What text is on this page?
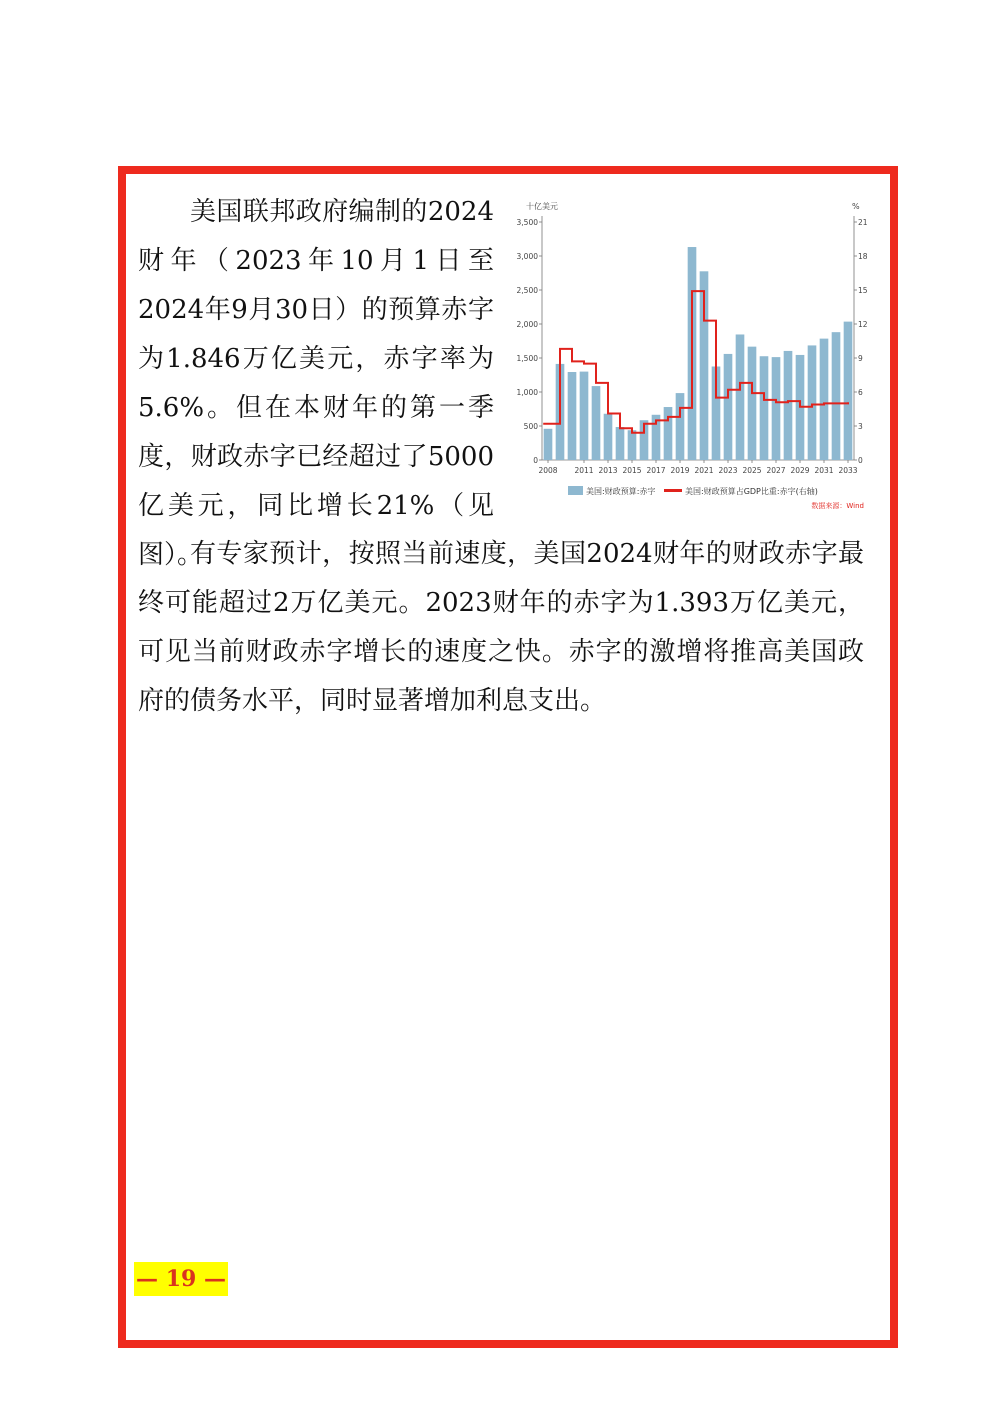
美国联邦政府编制的2024财年（2023年10月1日至2024年9月30日）的预算赤字为1.846万亿美元，赤字率为5.6%。但在本财年的第一季度，财政赤字已经超过了5000亿美元，同比增长21%（见图）。

十亿美元	%
0
500
1,000
1,500
2,000
2,500
3,000
3,500
0
3
6
9
12
15
18
21
2008 2011 2013 2015 2017 2019 2021 2023 2025 2027 2029 2031 2033
美国:财政预算:赤字	美国:财政预算占GDP比重:赤字(右轴)
数据来源：Wind

有专家预计，按照当前速度，美国2024财年的财政赤字最终可能超过2万亿美元。2023财年的赤字为1.393万亿美元，可见当前财政赤字增长的速度之快。赤字的激增将推高美国政府的债务水平，同时显著增加利息支出。

— 19 —
